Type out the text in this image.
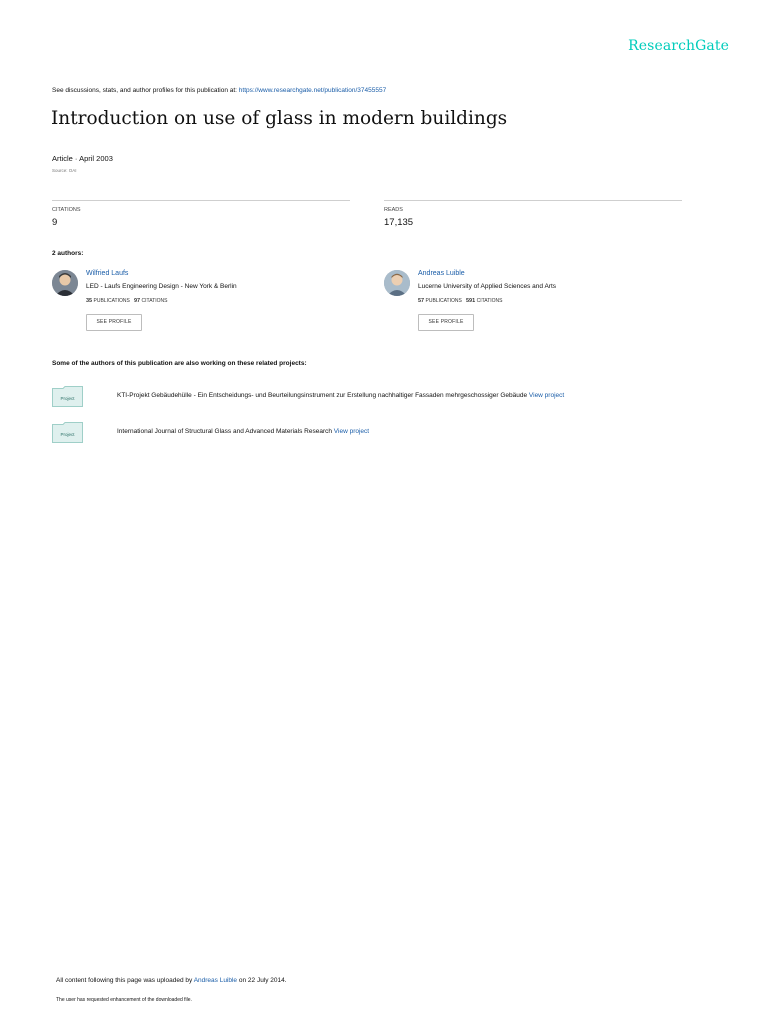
ResearchGate
See discussions, stats, and author profiles for this publication at: https://www.researchgate.net/publication/37455557
Introduction on use of glass in modern buildings
Article · April 2003
Source: OAI
CITATIONS
9
READS
17,135
2 authors:
Wilfried Laufs
LED - Laufs Engineering Design - New York & Berlin
35 PUBLICATIONS 97 CITATIONS
SEE PROFILE
Andreas Luible
Lucerne University of Applied Sciences and Arts
57 PUBLICATIONS 591 CITATIONS
SEE PROFILE
Some of the authors of this publication are also working on these related projects:
Project	KTI-Projekt Gebäudehülle - Ein Entscheidungs- und Beurteilungsinstrument zur Erstellung nachhaltiger Fassaden mehrgeschossiger Gebäude View project
Project	International Journal of Structural Glass and Advanced Materials Research View project
All content following this page was uploaded by Andreas Luible on 22 July 2014.
The user has requested enhancement of the downloaded file.
